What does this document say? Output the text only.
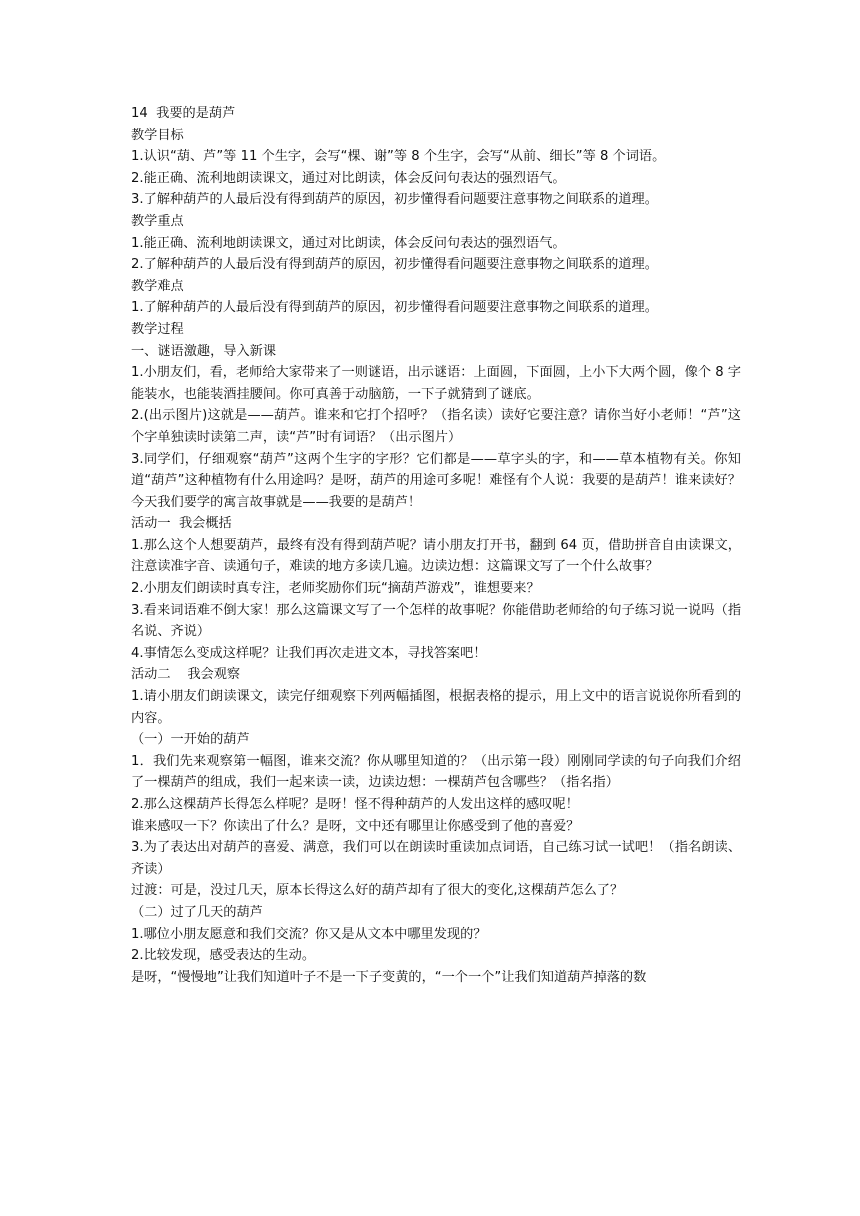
14  我要的是葫芦
教学目标
1.认识“葫、芦”等 11 个生字，会写“棵、谢”等 8 个生字，会写“从前、细长”等 8 个词语。
2.能正确、流利地朗读课文，通过对比朗读，体会反问句表达的强烈语气。
3.了解种葫芦的人最后没有得到葫芦的原因，初步懂得看问题要注意事物之间联系的道理。
教学重点
1.能正确、流利地朗读课文，通过对比朗读，体会反问句表达的强烈语气。
2.了解种葫芦的人最后没有得到葫芦的原因，初步懂得看问题要注意事物之间联系的道理。
教学难点
1.了解种葫芦的人最后没有得到葫芦的原因，初步懂得看问题要注意事物之间联系的道理。
教学过程
一、谜语激趣，导入新课
1.小朋友们，看，老师给大家带来了一则谜语，出示谜语：上面圆，下面圆，上小下大两个圆，像个 8 字能装水，也能装酒挂腰间。你可真善于动脑筋，一下子就猜到了谜底。
2.(出示图片)这就是——葫芦。谁来和它打个招呼？（指名读）读好它要注意？请你当好小老师！“芦”这个字单独读时读第二声，读“芦”时有词语？（出示图片）
3.同学们，仔细观察“葫芦”这两个生字的字形？它们都是——草字头的字，和——草本植物有关。你知道“葫芦”这种植物有什么用途吗？是呀，葫芦的用途可多呢！难怪有个人说：我要的是葫芦！谁来读好？今天我们要学的寓言故事就是——我要的是葫芦！
活动一  我会概括
1.那么这个人想要葫芦，最终有没有得到葫芦呢？请小朋友打开书，翻到 64 页，借助拼音自由读课文，注意读准字音、读通句子，难读的地方多读几遍。边读边想：这篇课文写了一个什么故事？
2.小朋友们朗读时真专注，老师奖励你们玩“摘葫芦游戏”，谁想要来？
3.看来词语难不倒大家！那么这篇课文写了一个怎样的故事呢？你能借助老师给的句子练习说一说吗（指名说、齐说）
4.事情怎么变成这样呢？让我们再次走进文本，寻找答案吧！
活动二    我会观察
1.请小朋友们朗读课文，读完仔细观察下列两幅插图，根据表格的提示，用上文中的语言说说你所看到的内容。
（一）一开始的葫芦
1．我们先来观察第一幅图，谁来交流？你从哪里知道的？（出示第一段）刚刚同学读的句子向我们介绍了一棵葫芦的组成，我们一起来读一读，边读边想：一棵葫芦包含哪些？（指名指）
2.那么这棵葫芦长得怎么样呢？是呀！怪不得种葫芦的人发出这样的感叹呢！
谁来感叹一下？你读出了什么？是呀，文中还有哪里让你感受到了他的喜爱？
3.为了表达出对葫芦的喜爱、满意，我们可以在朗读时重读加点词语，自己练习试一试吧！（指名朗读、齐读）
过渡：可是，没过几天，原本长得这么好的葫芦却有了很大的变化,这棵葫芦怎么了？
（二）过了几天的葫芦
1.哪位小朋友愿意和我们交流？你又是从文本中哪里发现的？
2.比较发现，感受表达的生动。
是呀，“慢慢地”让我们知道叶子不是一下子变黄的，“一个一个”让我们知道葫芦掉落的数
